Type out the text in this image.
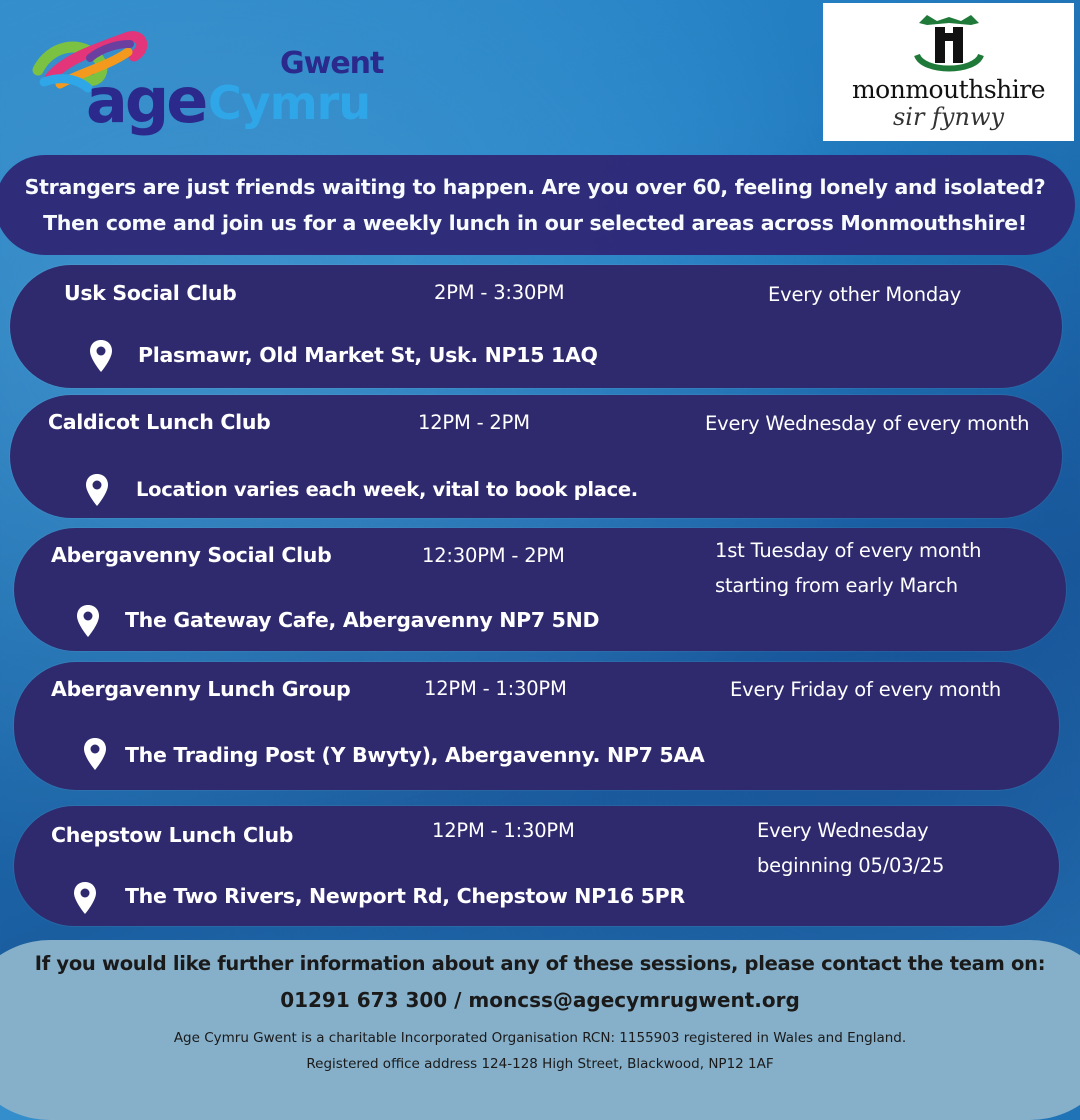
Gwent
age Cymru	monmouthshire
sir fynwy
Strangers are just friends waiting to happen. Are you over 60, feeling lonely and isolated?
Then come and join us for a weekly lunch in our selected areas across Monmouthshire!
Usk Social Club	2PM - 3:30PM	Every other Monday
Plasmawr, Old Market St, Usk. NP15 1AQ
Caldicot Lunch Club	12PM - 2PM	Every Wednesday of every month
Location varies each week, vital to book place.
Abergavenny Social Club	12:30PM - 2PM	1st Tuesday of every month
starting from early March
The Gateway Cafe, Abergavenny NP7 5ND
Abergavenny Lunch Group	12PM - 1:30PM	Every Friday of every month
The Trading Post (Y Bwyty), Abergavenny. NP7 5AA
Chepstow Lunch Club	12PM - 1:30PM	Every Wednesday
beginning 05/03/25
The Two Rivers, Newport Rd, Chepstow NP16 5PR
If you would like further information about any of these sessions, please contact the team on:
01291 673 300 / moncss@agecymrugwent.org
Age Cymru Gwent is a charitable Incorporated Organisation RCN: 1155903 registered in Wales and England.
Registered office address 124-128 High Street, Blackwood, NP12 1AF
